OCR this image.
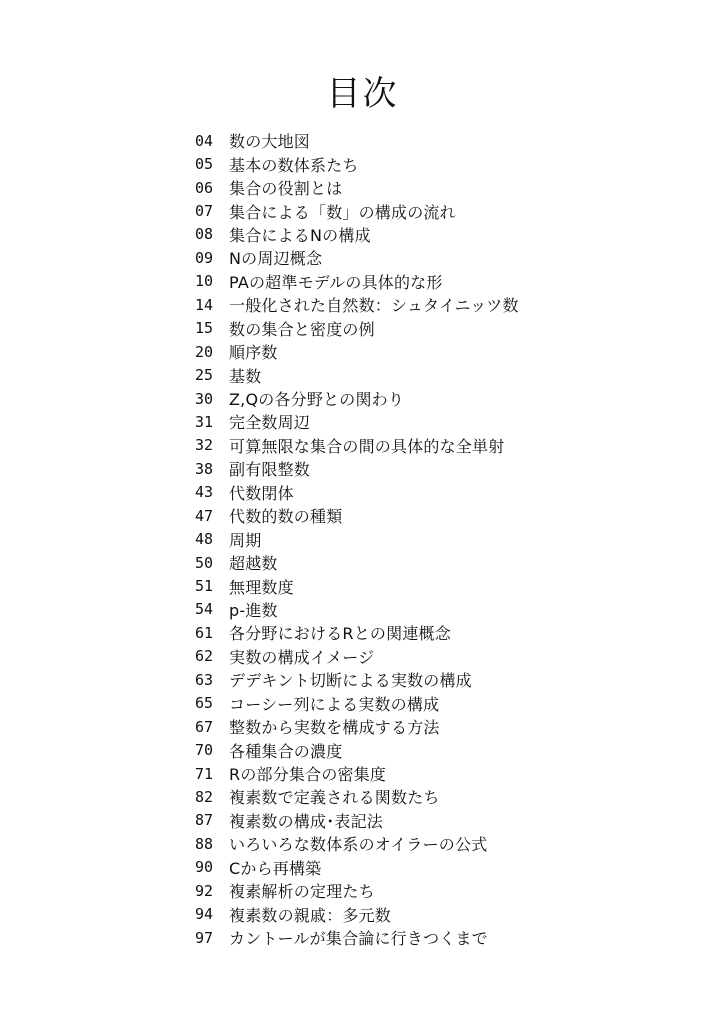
目次
04 数の大地図
05 基本の数体系たち
06 集合の役割とは
07 集合による「数」の構成の流れ
08 集合によるNの構成
09 Nの周辺概念
10 PAの超準モデルの具体的な形
14 一般化された自然数：シュタイニッツ数
15 数の集合と密度の例
20 順序数
25 基数
30 Z,Qの各分野との関わり
31 完全数周辺
32 可算無限な集合の間の具体的な全単射
38 副有限整数
43 代数閉体
47 代数的数の種類
48 周期
50 超越数
51 無理数度
54 p-進数
61 各分野におけるRとの関連概念
62 実数の構成イメージ
63 デデキント切断による実数の構成
65 コーシー列による実数の構成
67 整数から実数を構成する方法
70 各種集合の濃度
71 Rの部分集合の密集度
82 複素数で定義される関数たち
87 複素数の構成･表記法
88 いろいろな数体系のオイラーの公式
90 Cから再構築
92 複素解析の定理たち
94 複素数の親戚：多元数
97 カントールが集合論に行きつくまで
